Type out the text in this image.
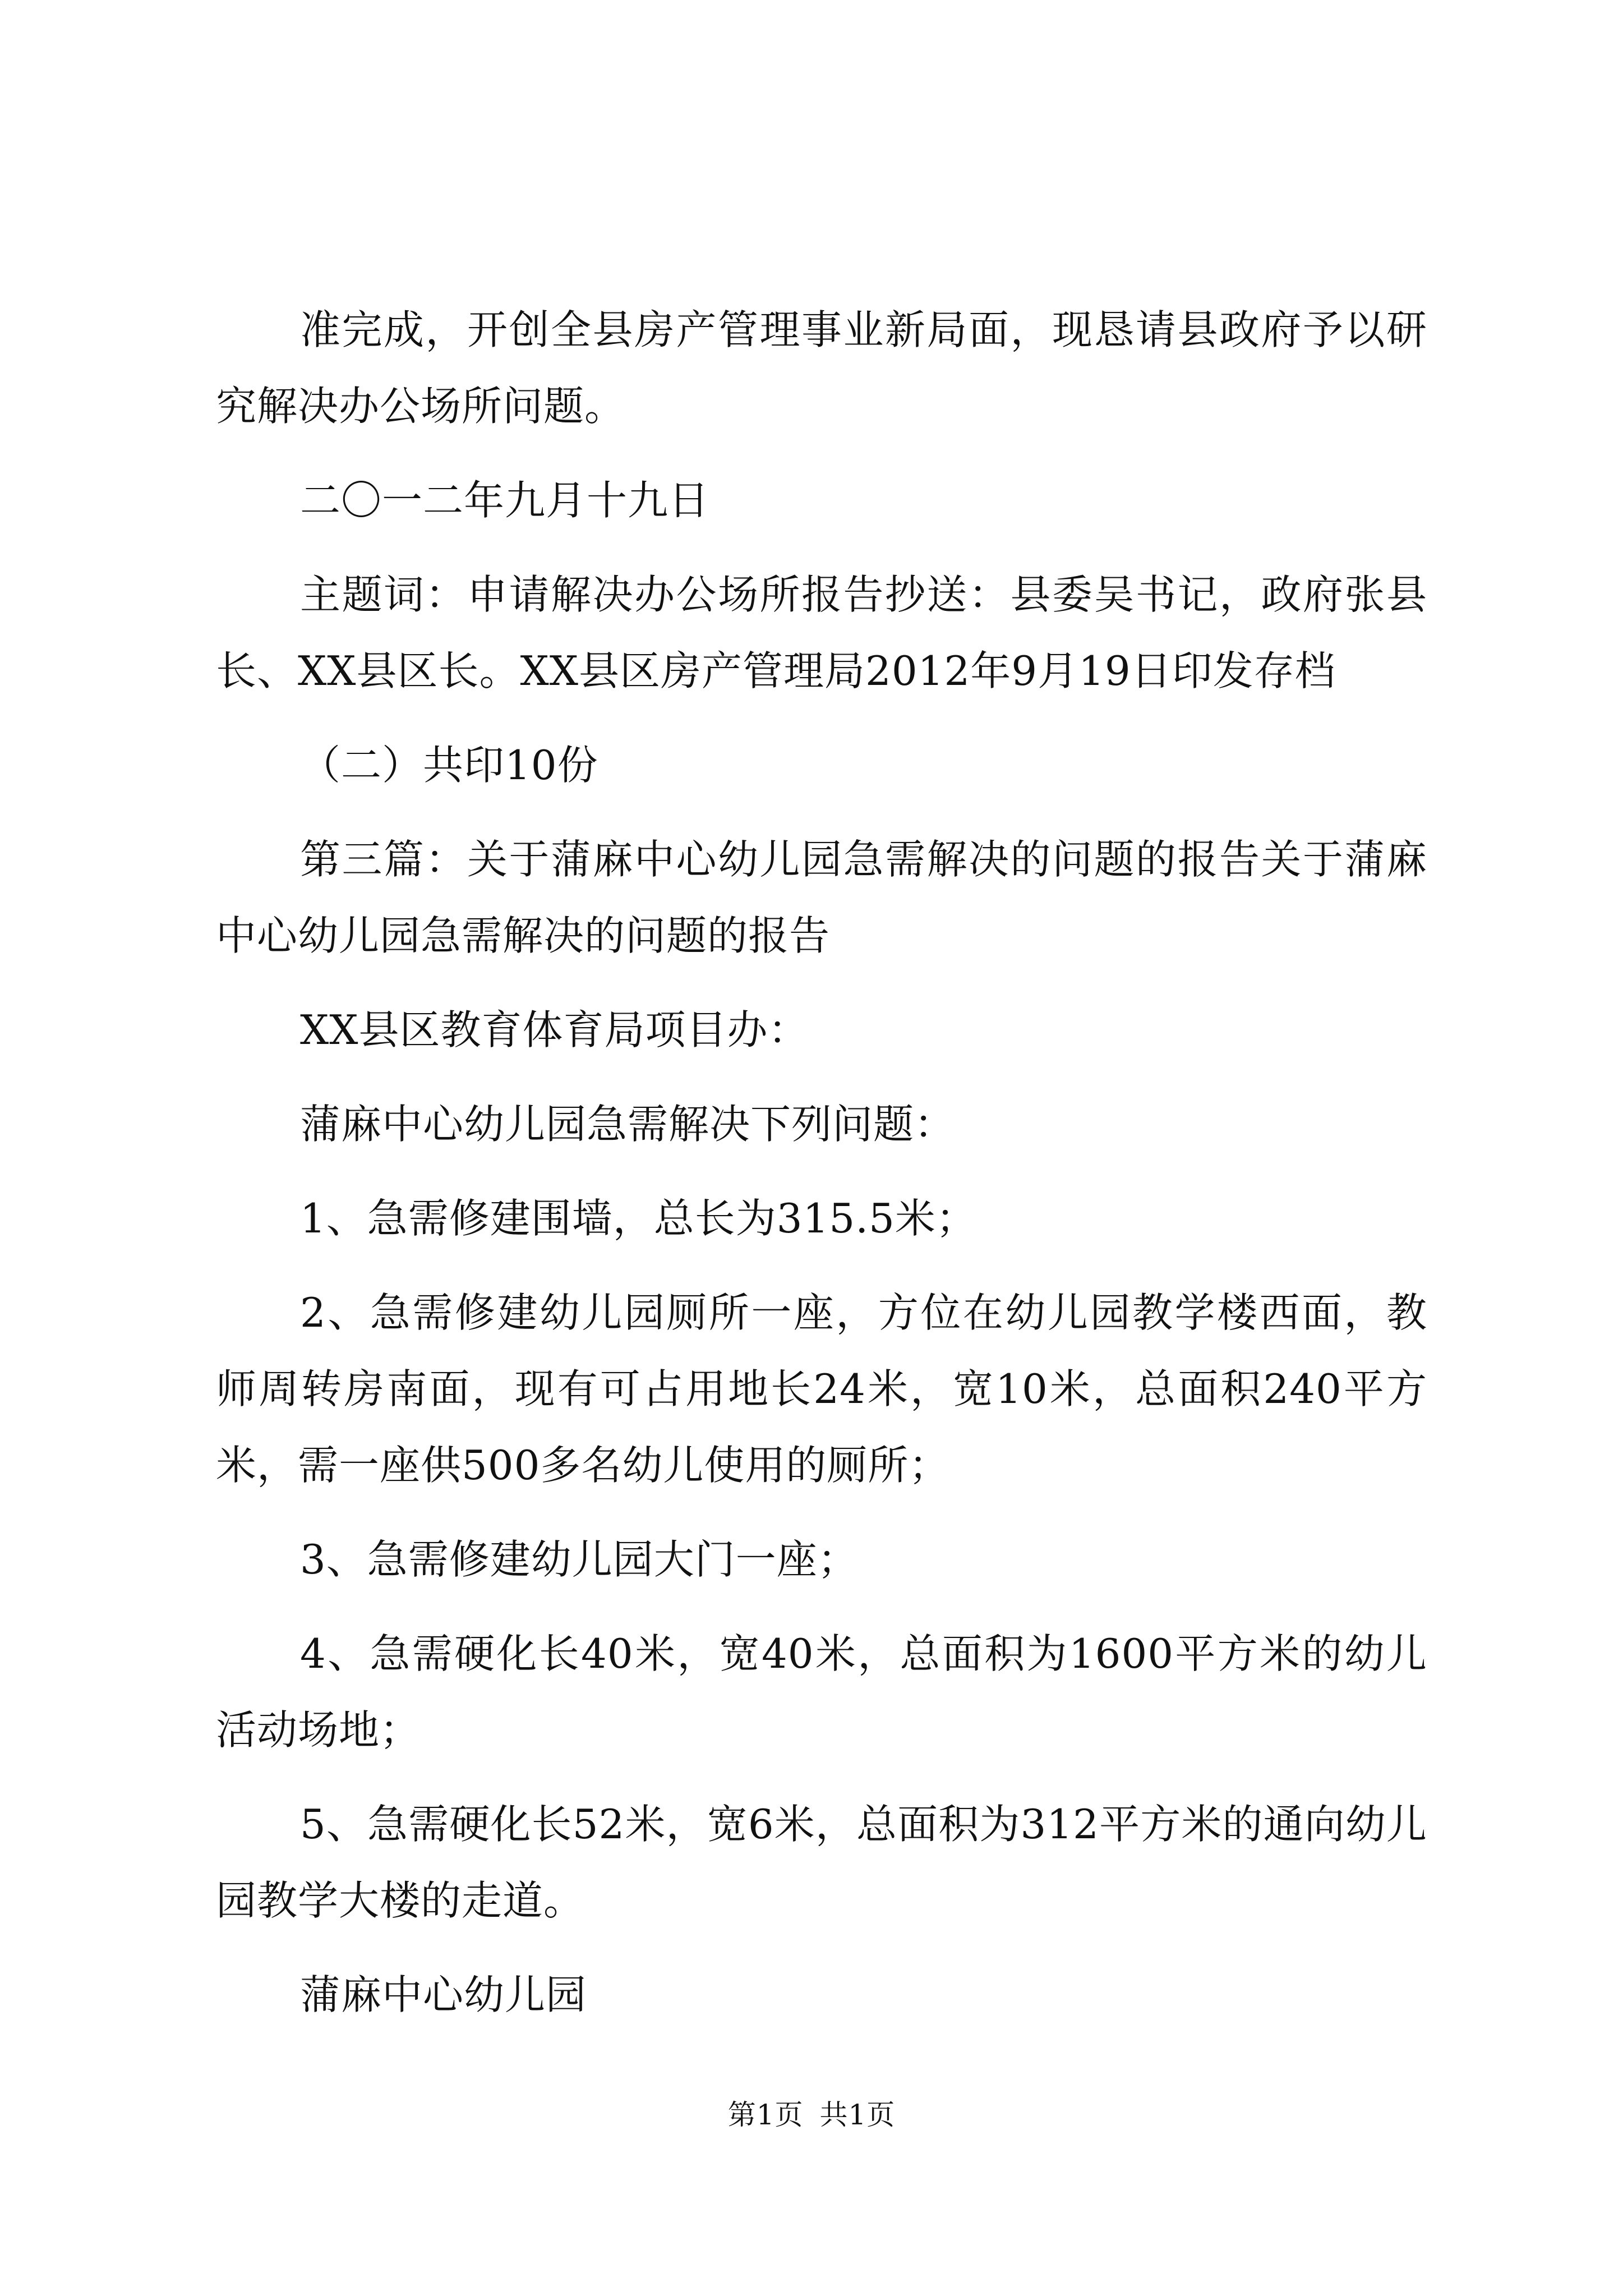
准完成，开创全县房产管理事业新局面，现恳请县政府予以研究解决办公场所问题。

二〇一二年九月十九日

主题词：申请解决办公场所报告抄送：县委吴书记，政府张县长、XX县区长。XX县区房产管理局2012年9月19日印发存档

（二）共印10份

第三篇：关于蒲麻中心幼儿园急需解决的问题的报告关于蒲麻中心幼儿园急需解决的问题的报告

XX县区教育体育局项目办：

蒲麻中心幼儿园急需解决下列问题：

1、急需修建围墙，总长为315.5米；

2、急需修建幼儿园厕所一座，方位在幼儿园教学楼西面，教师周转房南面，现有可占用地长24米，宽10米，总面积240平方米，需一座供500多名幼儿使用的厕所；

3、急需修建幼儿园大门一座；

4、急需硬化长40米，宽40米，总面积为1600平方米的幼儿活动场地；

5、急需硬化长52米，宽6米，总面积为312平方米的通向幼儿园教学大楼的走道。

蒲麻中心幼儿园

第1页 共1页
